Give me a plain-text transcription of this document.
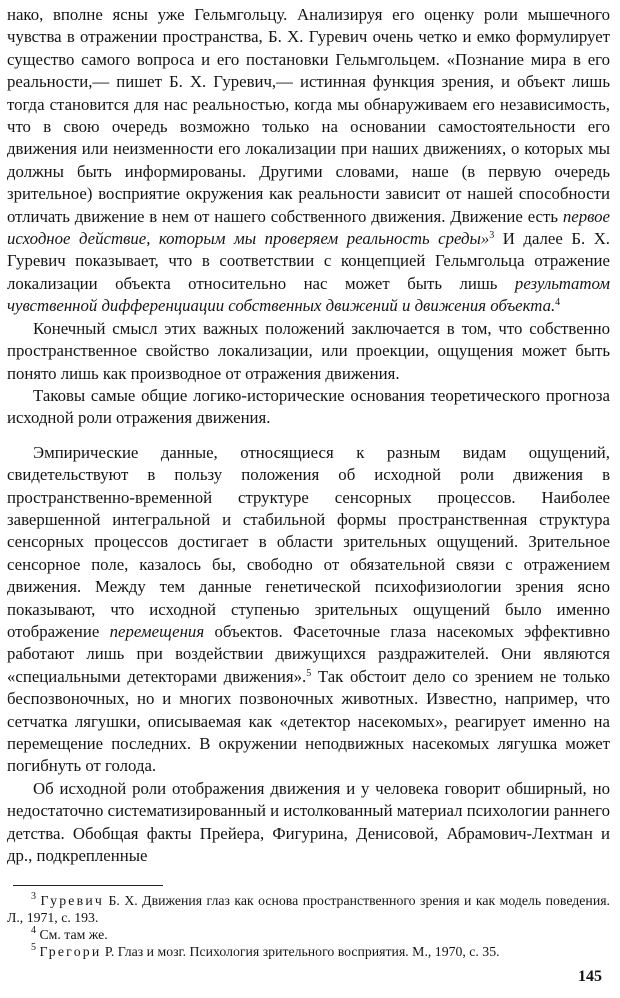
нако, вполне ясны уже Гельмгольцу. Анализируя его оценку роли мышечного чувства в отражении пространства, Б. Х. Гуревич очень четко и емко формулирует существо самого вопроса и его постановки Гельмгольцем. «Познание мира в его реальности,— пишет Б. Х. Гуревич,— истинная функция зрения, и объект лишь тогда становится для нас реальностью, когда мы обнаруживаем его независимость, что в свою очередь возможно только на основании самостоятельности его движения или неизменности его локализации при наших движениях, о которых мы должны быть информированы. Другими словами, наше (в первую очередь зрительное) восприятие окружения как реальности зависит от нашей способности отличать движение в нем от нашего собственного движения. Движение есть первое исходное действие, которым мы проверяем реальность среды»$^3$ И далее Б. Х. Гуревич показывает, что в соответствии с концепцией Гельмгольца отражение локализации объекта относительно нас может быть лишь результатом чувственной дифференциации собственных движений и движения объекта.$^4$

Конечный смысл этих важных положений заключается в том, что собственно пространственное свойство локализации, или проекции, ощущения может быть понято лишь как производное от отражения движения.

Таковы самые общие логико-исторические основания теоретического прогноза исходной роли отражения движения.

Эмпирические данные, относящиеся к разным видам ощущений, свидетельствуют в пользу положения об исходной роли движения в пространственно-временной структуре сенсорных процессов. Наиболее завершенной интегральной и стабильной формы пространственная структура сенсорных процессов достигает в области зрительных ощущений. Зрительное сенсорное поле, казалось бы, свободно от обязательной связи с отражением движения. Между тем данные генетической психофизиологии зрения ясно показывают, что исходной ступенью зрительных ощущений было именно отображение перемещения объектов. Фасеточные глаза насекомых эффективно работают лишь при воздействии движущихся раздражителей. Они являются «специальными детекторами движения».$^5$ Так обстоит дело со зрением не только беспозвоночных, но и многих позвоночных животных. Известно, например, что сетчатка лягушки, описываемая как «детектор насекомых», реагирует именно на перемещение последних. В окружении неподвижных насекомых лягушка может погибнуть от голода.

Об исходной роли отображения движения и у человека говорит обширный, но недостаточно систематизированный и истолкованный материал психологии раннего детства. Обобщая факты Прейера, Фигурина, Денисовой, Абрамович-Лехтман и др., подкрепленные

$^3$ Гуревич Б. Х. Движения глаз как основа пространственного зрения и как модель поведения. Л., 1971, с. 193.

$^4$ См. там же.

$^5$ Грегори Р. Глаз и мозг. Психология зрительного восприятия. М., 1970, с. 35.

145
